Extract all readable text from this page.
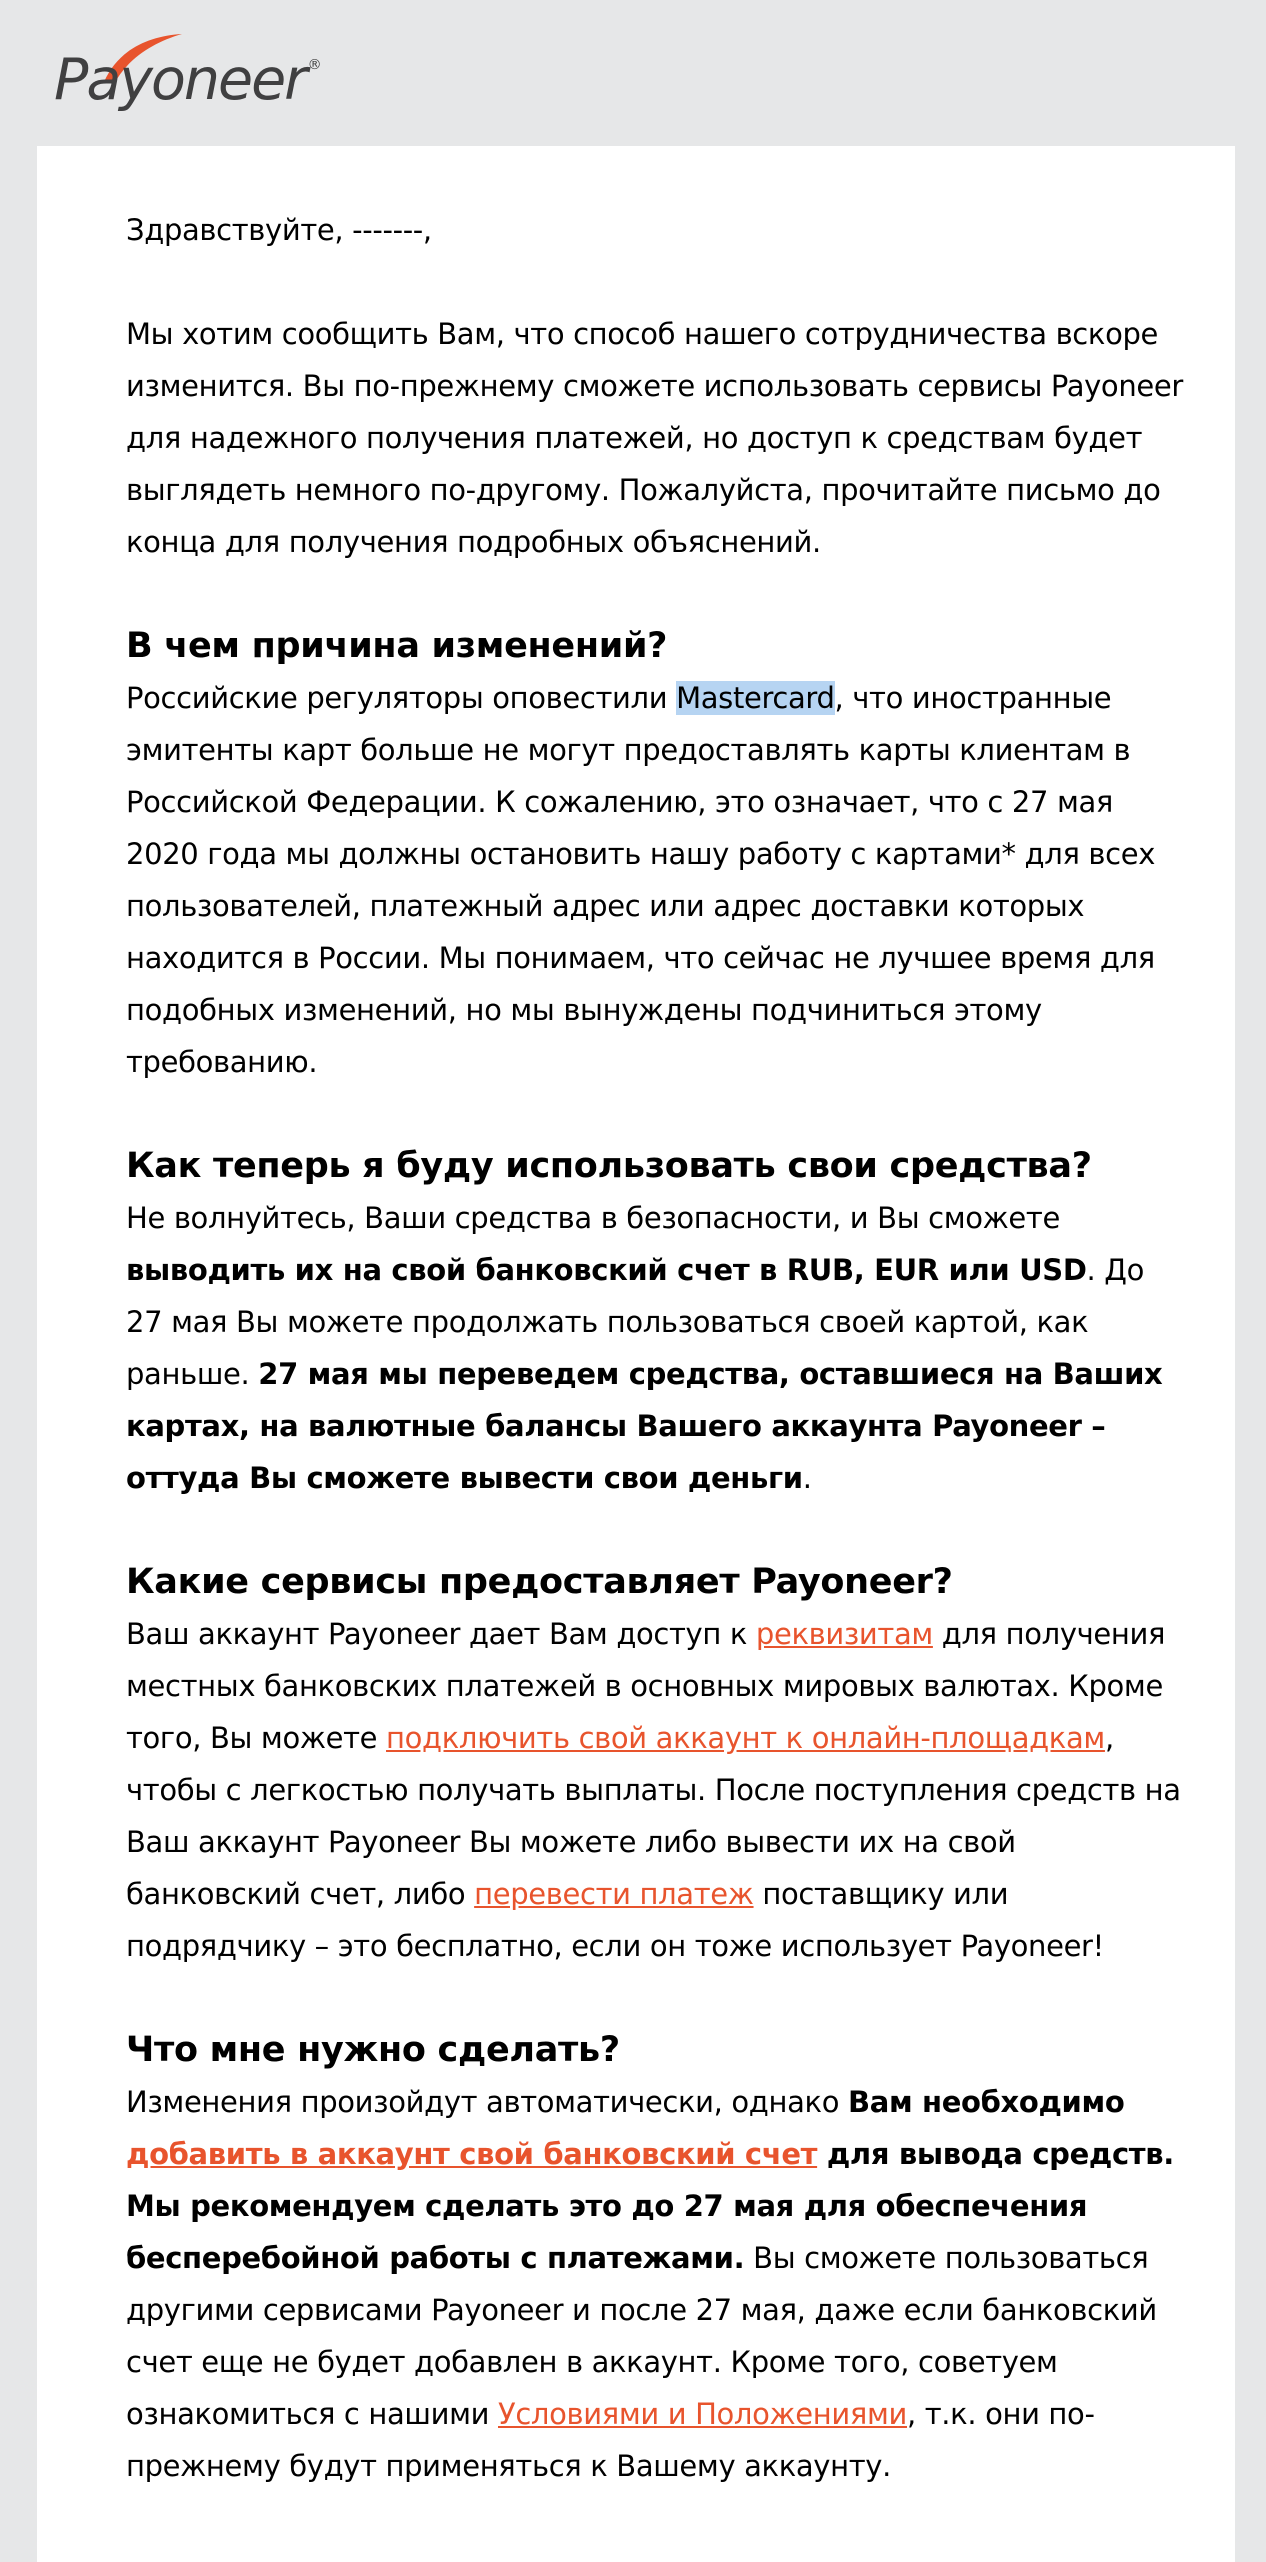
Payoneer ®

Здравствуйте, -------,

Мы хотим сообщить Вам, что способ нашего сотрудничества вскоре изменится. Вы по-прежнему сможете использовать сервисы Payoneer для надежного получения платежей, но доступ к средствам будет выглядеть немного по-другому. Пожалуйста, прочитайте письмо до конца для получения подробных объяснений.

В чем причина изменений?

Российские регуляторы оповестили Mastercard, что иностранные эмитенты карт больше не могут предоставлять карты клиентам в Российской Федерации. К сожалению, это означает, что с 27 мая 2020 года мы должны остановить нашу работу с картами* для всех пользователей, платежный адрес или адрес доставки которых находится в России. Мы понимаем, что сейчас не лучшее время для подобных изменений, но мы вынуждены подчиниться этому требованию.

Как теперь я буду использовать свои средства?

Не волнуйтесь, Ваши средства в безопасности, и Вы сможете выводить их на свой банковский счет в RUB, EUR или USD. До 27 мая Вы можете продолжать пользоваться своей картой, как раньше. 27 мая мы переведем средства, оставшиеся на Ваших картах, на валютные балансы Вашего аккаунта Payoneer – оттуда Вы сможете вывести свои деньги.

Какие сервисы предоставляет Payoneer?

Ваш аккаунт Payoneer дает Вам доступ к реквизитам для получения местных банковских платежей в основных мировых валютах. Кроме того, Вы можете подключить свой аккаунт к онлайн-площадкам, чтобы с легкостью получать выплаты. После поступления средств на Ваш аккаунт Payoneer Вы можете либо вывести их на свой банковский счет, либо перевести платеж поставщику или подрядчику – это бесплатно, если он тоже использует Payoneer!

Что мне нужно сделать?

Изменения произойдут автоматически, однако Вам необходимо добавить в аккаунт свой банковский счет для вывода средств. Мы рекомендуем сделать это до 27 мая для обеспечения бесперебойной работы с платежами. Вы сможете пользоваться другими сервисами Payoneer и после 27 мая, даже если банковский счет еще не будет добавлен в аккаунт. Кроме того, советуем ознакомиться с нашими Условиями и Положениями, т.к. они по-прежнему будут применяться к Вашему аккаунту.
